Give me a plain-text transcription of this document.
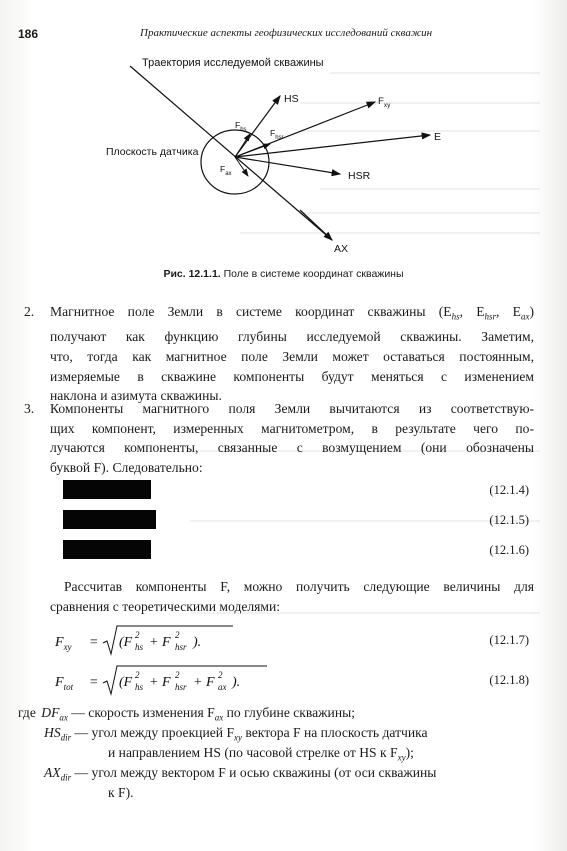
186	Практические аспекты геофизических исследований скважин
Траектория исследуемой скважины
Плоскость датчика
HS
HSR
E
AX
$F_{xy}$
$F_{hs}$	$F_{hsr}$
$F_{ax}$
Рис. 12.1.1. Поле в системе координат скважины
2. Магнитное поле Земли в системе координат скважины ($E_{hs}$, $E_{hsr}$, $E_{ax}$)
получают как функцию глубины исследуемой скважины. Заметим,
что, тогда как магнитное поле Земли может оставаться постоянным,
измеряемые в скважине компоненты будут меняться с изменением
наклона и азимута скважины.
3. Компоненты магнитного поля Земли вычитаются из соответствую-
щих компонент, измеренных магнитометром, в результате чего по-
лучаются компоненты, связанные с возмущением (они обозначены
буквой F). Следовательно:
(12.1.4)
(12.1.5)
(12.1.6)
Рассчитав компоненты F, можно получить следующие величины для
сравнения с теоретическими моделями:
$F_{xy} = (F$ hs
2 + F hsr
2 ).	(12.1.7)
$F_{tot} = (F$ hs
2 + F hsr
2 + F ax
2 ).	(12.1.8)
где $DF_{ax}$ — скорость изменения $F_{ax}$ по глубине скважины;
$HS_{dir}$ — угол между проекцией $F_{xy}$ вектора F на плоскость датчика
и направлением HS (по часовой стрелке от HS к $F_{xy}$);
$AX_{dir}$ — угол между вектором F и осью скважины (от оси скважины
к F).
